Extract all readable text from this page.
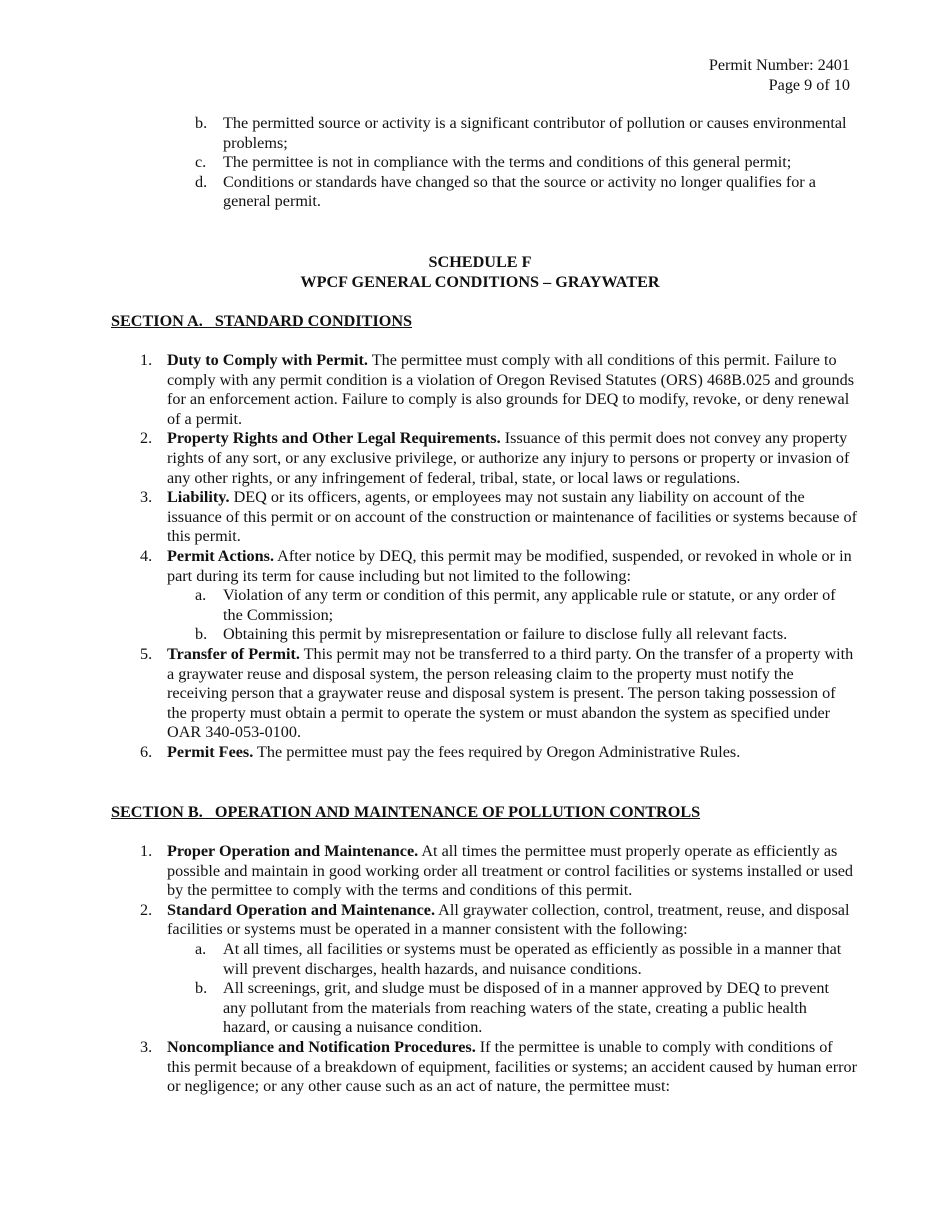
Permit Number: 2401
Page 9 of 10
b. The permitted source or activity is a significant contributor of pollution or causes environmental problems;
c. The permittee is not in compliance with the terms and conditions of this general permit;
d. Conditions or standards have changed so that the source or activity no longer qualifies for a general permit.
SCHEDULE F
WPCF GENERAL CONDITIONS – GRAYWATER
SECTION A.   STANDARD CONDITIONS
1. Duty to Comply with Permit. The permittee must comply with all conditions of this permit. Failure to comply with any permit condition is a violation of Oregon Revised Statutes (ORS) 468B.025 and grounds for an enforcement action. Failure to comply is also grounds for DEQ to modify, revoke, or deny renewal of a permit.
2. Property Rights and Other Legal Requirements. Issuance of this permit does not convey any property rights of any sort, or any exclusive privilege, or authorize any injury to persons or property or invasion of any other rights, or any infringement of federal, tribal, state, or local laws or regulations.
3. Liability. DEQ or its officers, agents, or employees may not sustain any liability on account of the issuance of this permit or on account of the construction or maintenance of facilities or systems because of this permit.
4. Permit Actions. After notice by DEQ, this permit may be modified, suspended, or revoked in whole or in part during its term for cause including but not limited to the following:
a. Violation of any term or condition of this permit, any applicable rule or statute, or any order of the Commission;
b. Obtaining this permit by misrepresentation or failure to disclose fully all relevant facts.
5. Transfer of Permit. This permit may not be transferred to a third party. On the transfer of a property with a graywater reuse and disposal system, the person releasing claim to the property must notify the receiving person that a graywater reuse and disposal system is present. The person taking possession of the property must obtain a permit to operate the system or must abandon the system as specified under OAR 340-053-0100.
6. Permit Fees. The permittee must pay the fees required by Oregon Administrative Rules.
SECTION B.   OPERATION AND MAINTENANCE OF POLLUTION CONTROLS
1. Proper Operation and Maintenance. At all times the permittee must properly operate as efficiently as possible and maintain in good working order all treatment or control facilities or systems installed or used by the permittee to comply with the terms and conditions of this permit.
2. Standard Operation and Maintenance. All graywater collection, control, treatment, reuse, and disposal facilities or systems must be operated in a manner consistent with the following:
a. At all times, all facilities or systems must be operated as efficiently as possible in a manner that will prevent discharges, health hazards, and nuisance conditions.
b. All screenings, grit, and sludge must be disposed of in a manner approved by DEQ to prevent any pollutant from the materials from reaching waters of the state, creating a public health hazard, or causing a nuisance condition.
3. Noncompliance and Notification Procedures. If the permittee is unable to comply with conditions of this permit because of a breakdown of equipment, facilities or systems; an accident caused by human error or negligence; or any other cause such as an act of nature, the permittee must:
